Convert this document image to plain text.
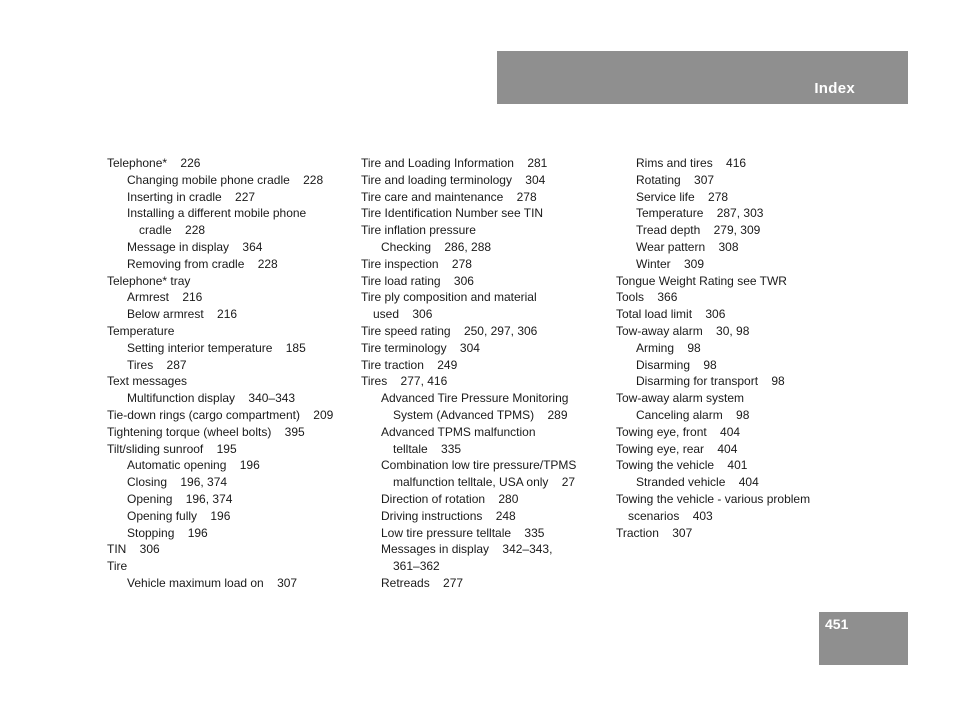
Index
Telephone*    226
Changing mobile phone cradle    228
Inserting in cradle    227
Installing a different mobile phone
cradle    228
Message in display    364
Removing from cradle    228
Telephone* tray
Armrest    216
Below armrest    216
Temperature
Setting interior temperature    185
Tires    287
Text messages
Multifunction display    340–343
Tie-down rings (cargo compartment)    209
Tightening torque (wheel bolts)    395
Tilt/sliding sunroof    195
Automatic opening    196
Closing    196, 374
Opening    196, 374
Opening fully    196
Stopping    196
TIN    306
Tire
Vehicle maximum load on    307
Tire and Loading Information    281
Tire and loading terminology    304
Tire care and maintenance    278
Tire Identification Number see TIN
Tire inflation pressure
Checking    286, 288
Tire inspection    278
Tire load rating    306
Tire ply composition and material
used    306
Tire speed rating    250, 297, 306
Tire terminology    304
Tire traction    249
Tires    277, 416
Advanced Tire Pressure Monitoring
System (Advanced TPMS)    289
Advanced TPMS malfunction
telltale    335
Combination low tire pressure/TPMS
malfunction telltale, USA only    27
Direction of rotation    280
Driving instructions    248
Low tire pressure telltale    335
Messages in display    342–343,
361–362
Retreads    277
Rims and tires    416
Rotating    307
Service life    278
Temperature    287, 303
Tread depth    279, 309
Wear pattern    308
Winter    309
Tongue Weight Rating see TWR
Tools    366
Total load limit    306
Tow-away alarm    30, 98
Arming    98
Disarming    98
Disarming for transport    98
Tow-away alarm system
Canceling alarm    98
Towing eye, front    404
Towing eye, rear    404
Towing the vehicle    401
Stranded vehicle    404
Towing the vehicle - various problem
scenarios    403
Traction    307
451
